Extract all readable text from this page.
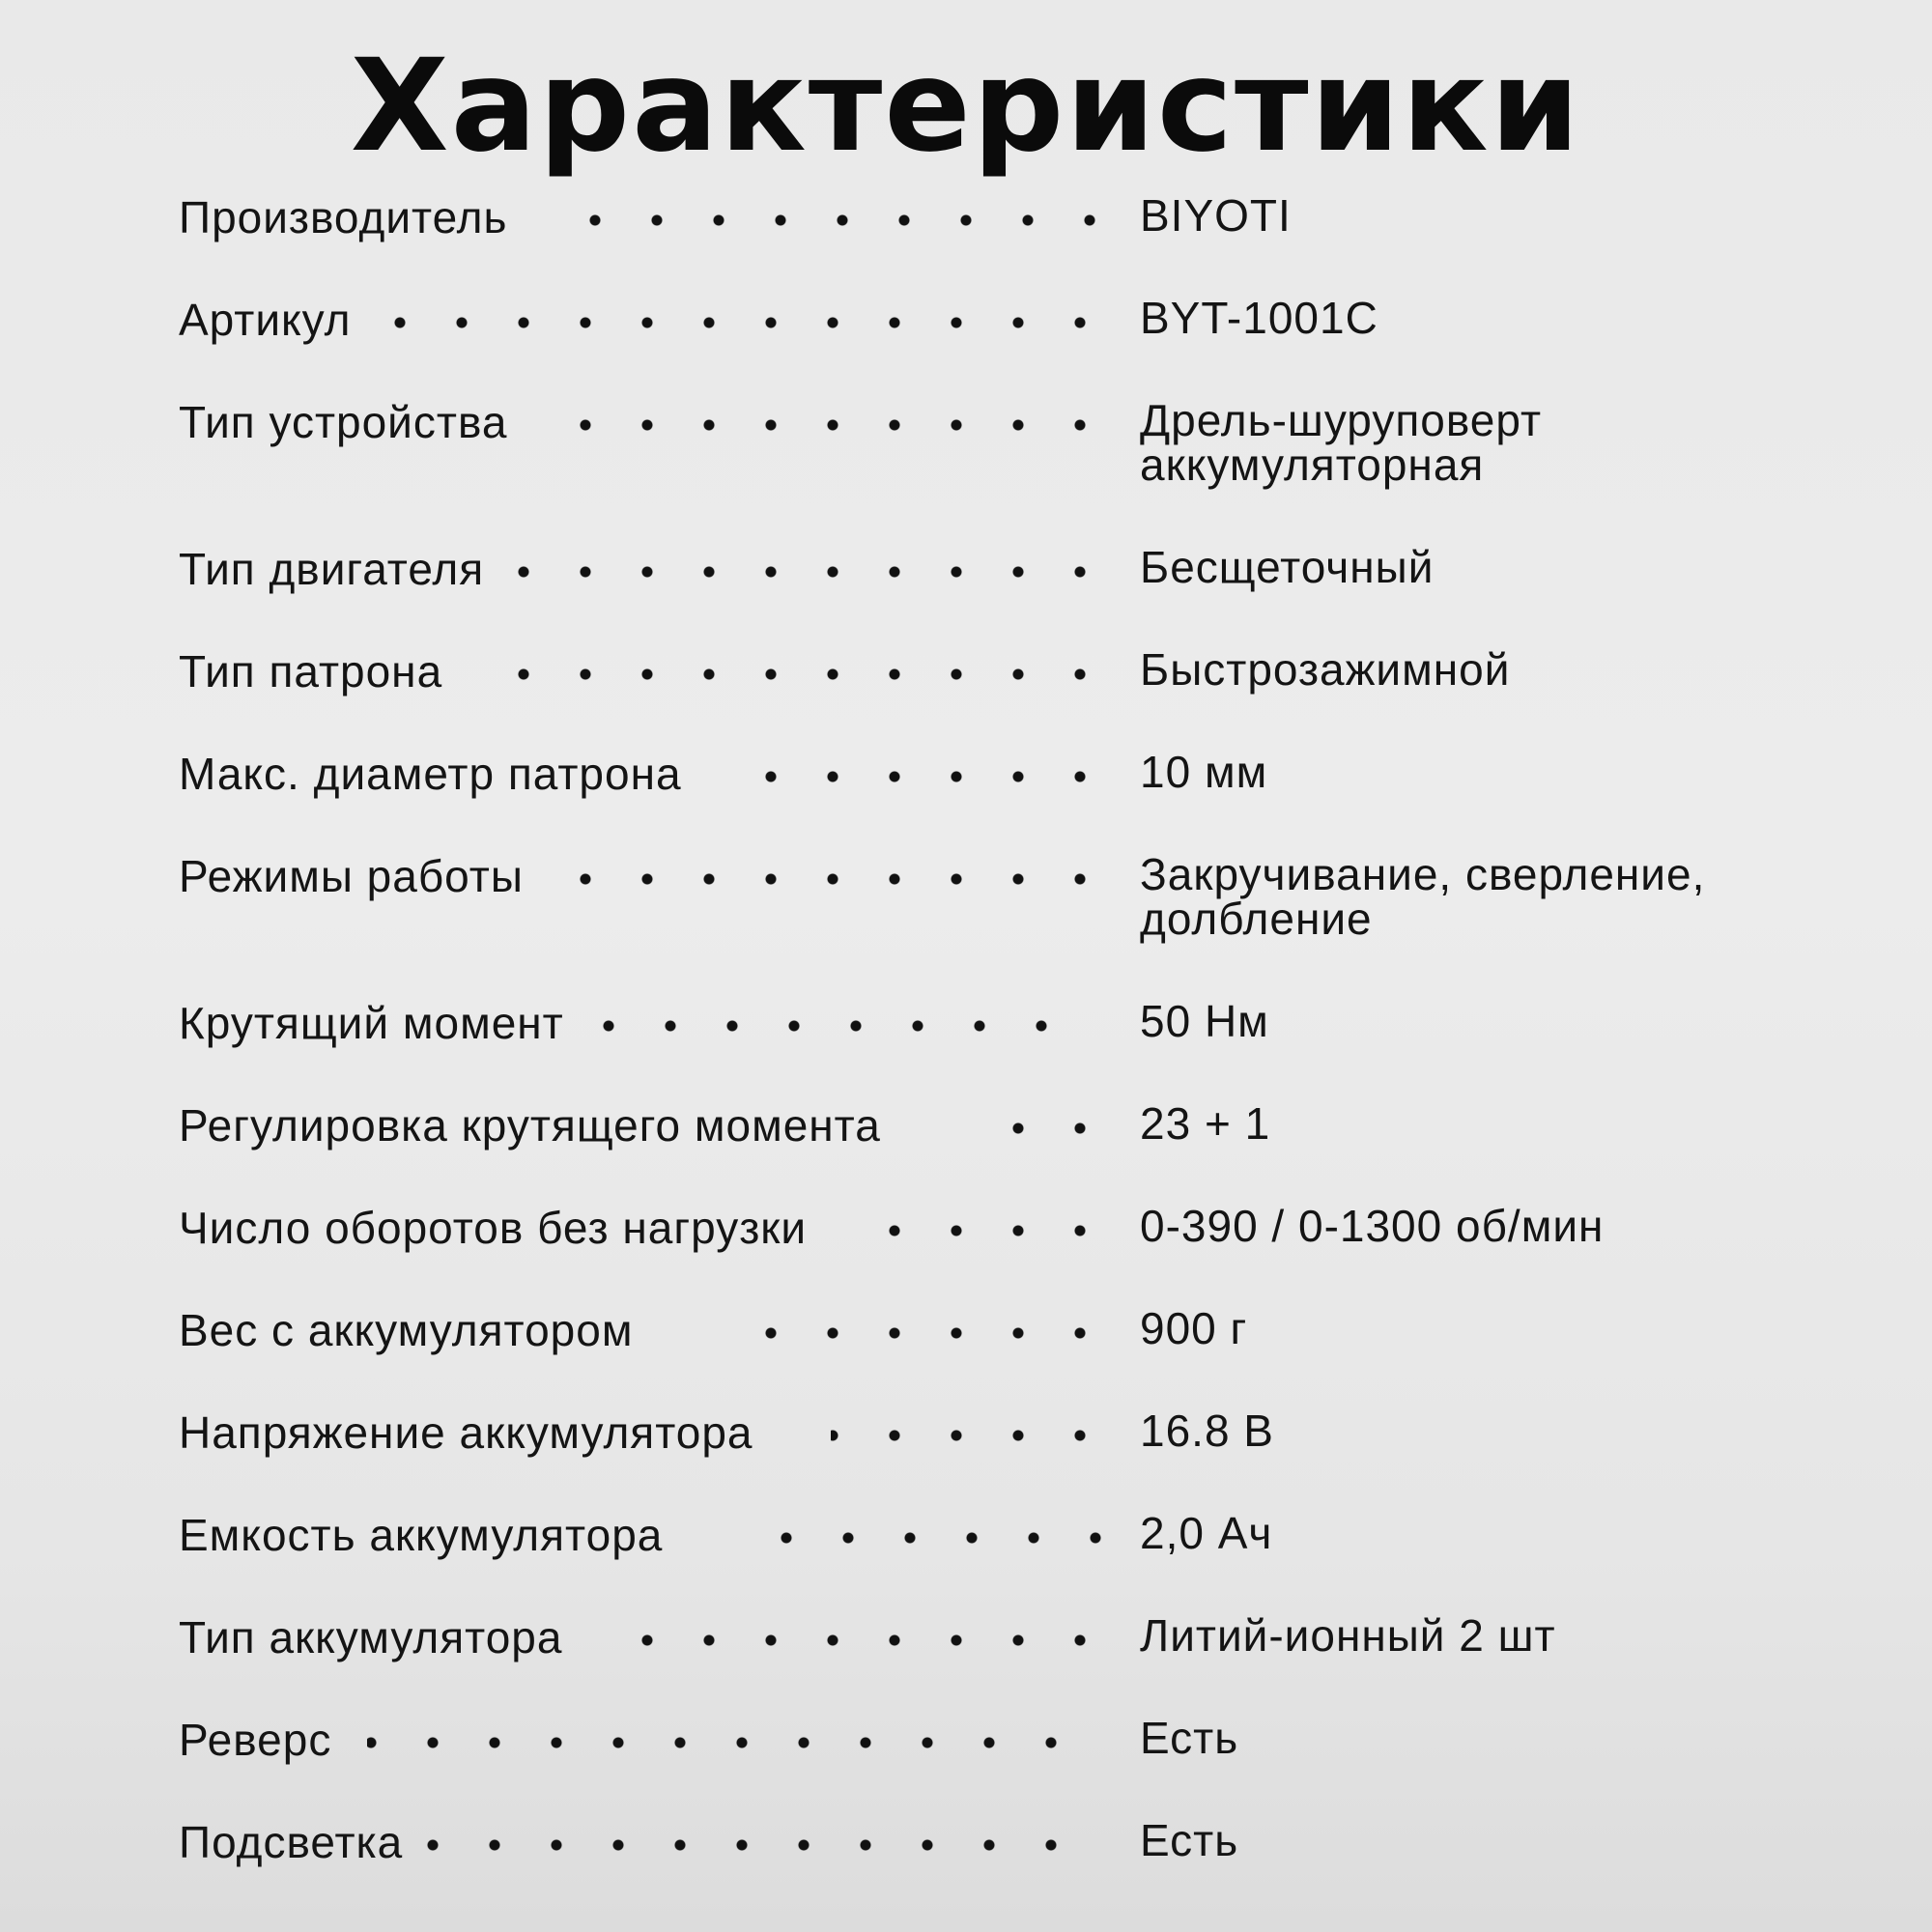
Характеристики
Производитель	BIYOTI
Артикул	BYT-1001C
Тип устройства	Дрель-шуруповерт
аккумуляторная
Тип двигателя	Бесщеточный
Тип патрона	Быстрозажимной
Макс. диаметр патрона	10 мм
Режимы работы	Закручивание, сверление,
долбление
Крутящий момент	50 Нм
Регулировка крутящего момента	23 + 1
Число оборотов без нагрузки	0-390 / 0-1300 об/мин
Вес с аккумулятором	900 г
Напряжение аккумулятора	16.8 В
Емкость аккумулятора	2,0 Ач
Тип аккумулятора	Литий-ионный 2 шт
Реверс	Есть
Подсветка	Есть
